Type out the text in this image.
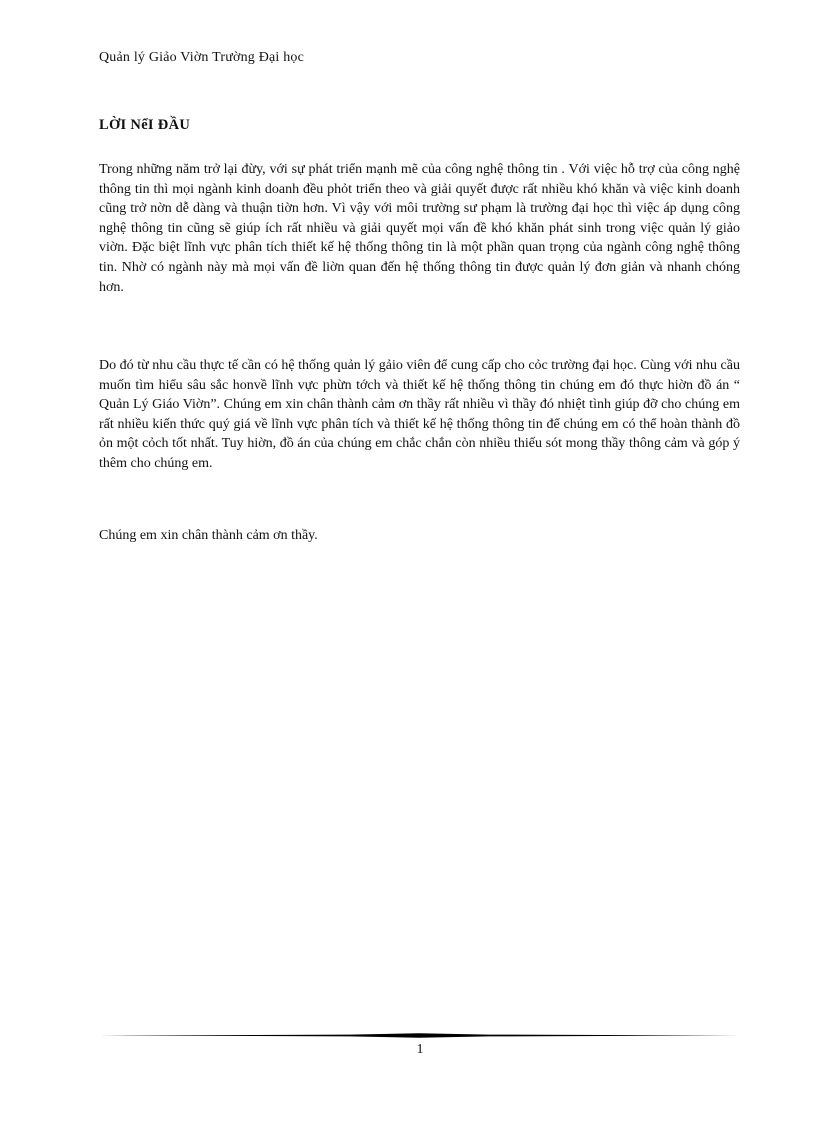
Quản lý Giảo Viờn Trường Đại học
LỜI NểI ĐẦU

Trong những năm trở lại đừy, với sự phát triển mạnh mẽ của công nghệ thông tin . Với việc hỗ trợ của công nghệ thông tin thì mọi ngành kinh doanh đều phỏt triển theo và giải quyết được rất nhiều khó khăn và việc kinh doanh cũng trở nờn dễ dàng và thuận tiờn hơn. Vì vậy với môi trường sư phạm là trường đại học thì việc áp dụng công nghệ thông tin cũng sẽ giúp ích rất nhiều và giải quyết mọi vấn đề khó khăn phát sinh trong việc quản lý giảo viờn. Đặc biệt lĩnh vực phân tích thiết kế hệ thống thông tin là một phần quan trọng của ngành công nghệ thông tin. Nhờ có ngành này mà mọi vấn đề liờn quan đến hệ thống thông tin được quản lý đơn giản và nhanh chóng hơn.

Do đó từ nhu cầu thực tế cần có hệ thống quản lý gảio viên để cung cấp cho cỏc trường đại học. Cùng với nhu cầu muốn tìm hiểu sâu sắc honvề lĩnh vực phừn tớch và thiết kế hệ thống thông tin chúng em đó thực hiờn đồ án “ Quản Lý Giáo Viờn”. Chúng em xin chân thành cảm ơn thầy rất nhiều vì thầy đó nhiệt tình giúp đỡ cho chúng em rất nhiều kiến thức quý giá về lĩnh vực phân tích và thiết kế hệ thống thông tin để chúng em có thể hoàn thành đồ ỏn một cỏch tốt nhất. Tuy hiờn, đồ án của chúng em chắc chắn còn nhiều thiếu sót mong thầy thông cảm và góp ý thêm cho chúng em.

Chúng em xin chân thành cảm ơn thầy.

1
